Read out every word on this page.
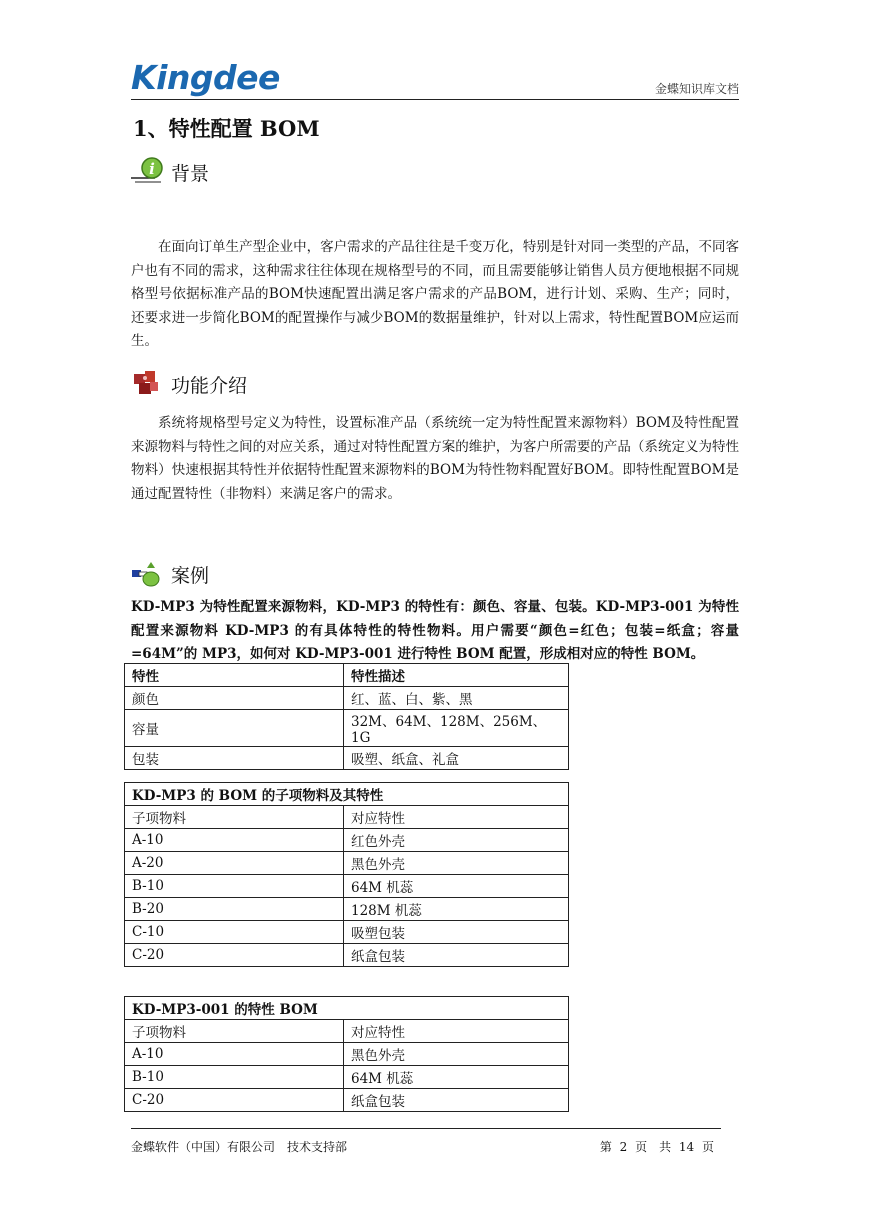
Kingdee	金蝶知识库文档
1、特性配置 BOM
i 背景

在面向订单生产型企业中，客户需求的产品往往是千变万化，特别是针对同一类型的产品，不同客户也有不同的需求，这种需求往往体现在规格型号的不同，而且需要能够让销售人员方便地根据不同规格型号依据标准产品的BOM快速配置出满足客户需求的产品BOM，进行计划、采购、生产；同时，还要求进一步简化BOM的配置操作与减少BOM的数据量维护，针对以上需求，特性配置BOM应运而生。

功能介绍

系统将规格型号定义为特性，设置标准产品（系统统一定为特性配置来源物料）BOM及特性配置来源物料与特性之间的对应关系，通过对特性配置方案的维护，为客户所需要的产品（系统定义为特性物料）快速根据其特性并依据特性配置来源物料的BOM为特性物料配置好BOM。即特性配置BOM是通过配置特性（非物料）来满足客户的需求。

案例

KD-MP3 为特性配置来源物料，KD-MP3 的特性有：颜色、容量、包装。KD-MP3-001 为特性配置来源物料 KD-MP3 的有具体特性的特性物料。用户需要“颜色=红色；包装=纸盒；容量=64M”的 MP3，如何对 KD-MP3-001 进行特性 BOM 配置，形成相对应的特性 BOM。

特性	特性描述
颜色	红、蓝、白、紫、黑
容量	32M、64M、128M、256M、1G
包装	吸塑、纸盒、礼盒
KD-MP3 的 BOM 的子项物料及其特性	
子项物料	对应特性
A-10	红色外壳
A-20	黑色外壳
B-10	64M 机蕊
B-20	128M 机蕊
C-10	吸塑包装
C-20	纸盒包装
KD-MP3-001 的特性 BOM	
子项物料	对应特性
A-10	黑色外壳
B-10	64M 机蕊
C-20	纸盒包装
金蝶软件（中国）有限公司　技术支持部	第 2 页　共 14 页
